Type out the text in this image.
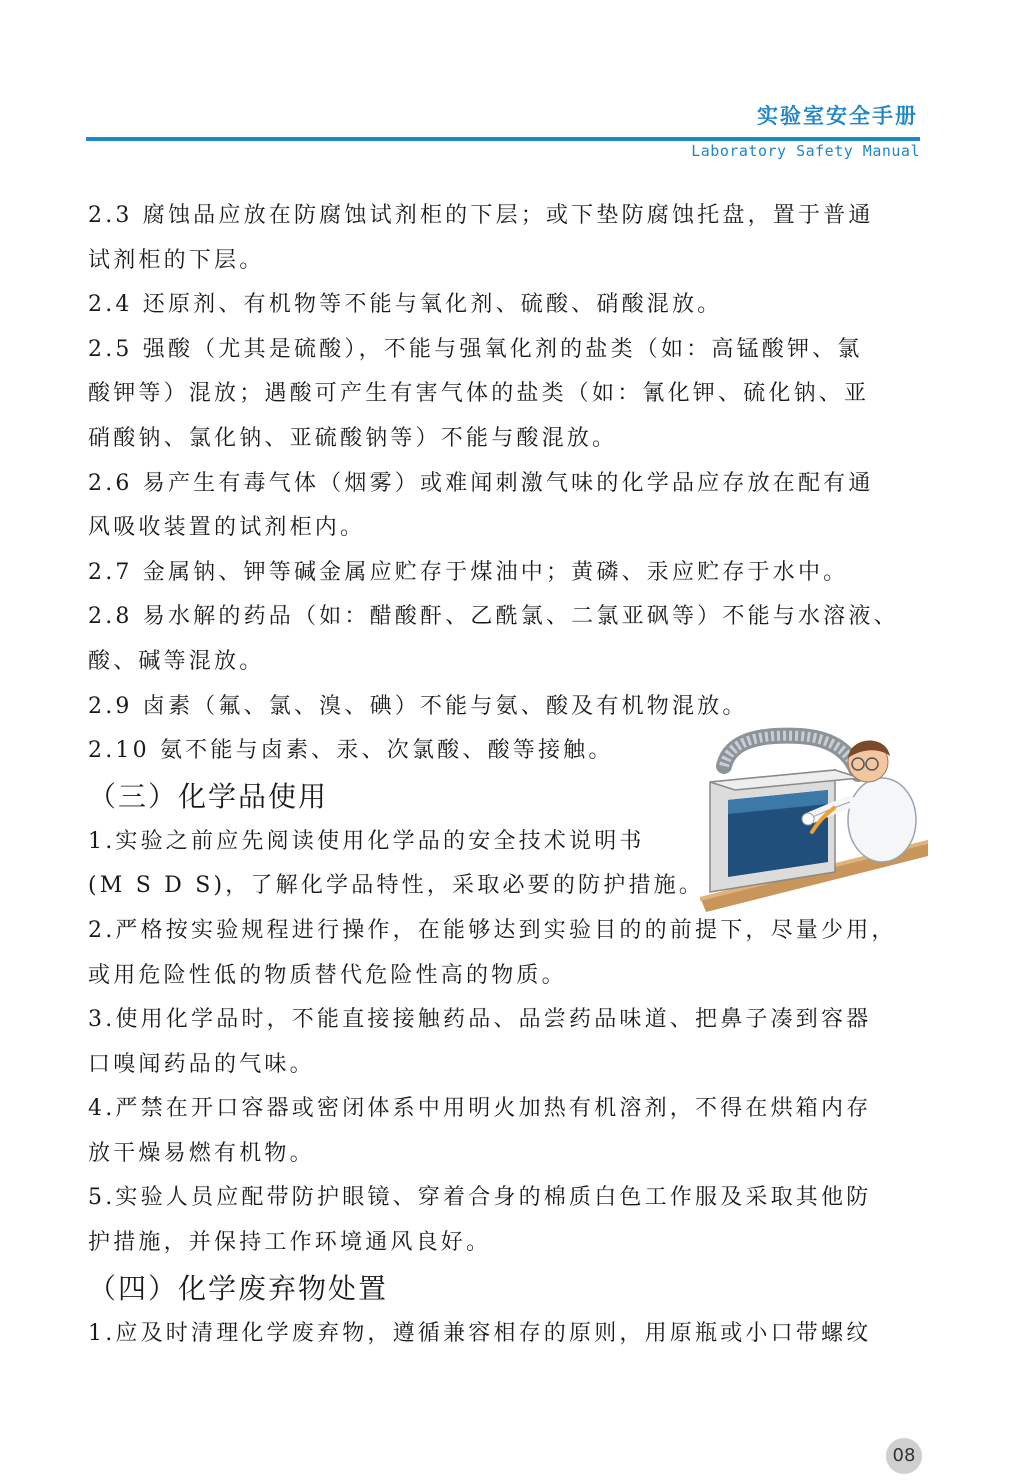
实验室安全手册
Laboratory Safety Manual
2.3 腐蚀品应放在防腐蚀试剂柜的下层；或下垫防腐蚀托盘，置于普通
试剂柜的下层。
2.4 还原剂、有机物等不能与氧化剂、硫酸、硝酸混放。
2.5 强酸（尤其是硫酸），不能与强氧化剂的盐类（如：高锰酸钾、氯
酸钾等）混放；遇酸可产生有害气体的盐类（如：氰化钾、硫化钠、亚
硝酸钠、氯化钠、亚硫酸钠等）不能与酸混放。
2.6 易产生有毒气体（烟雾）或难闻刺激气味的化学品应存放在配有通
风吸收装置的试剂柜内。
2.7 金属钠、钾等碱金属应贮存于煤油中；黄磷、汞应贮存于水中。
2.8 易水解的药品（如：醋酸酐、乙酰氯、二氯亚砜等）不能与水溶液、
酸、碱等混放。
2.9 卤素（氟、氯、溴、碘）不能与氨、酸及有机物混放。
2.10 氨不能与卤素、汞、次氯酸、酸等接触。
（三）化学品使用
1.实验之前应先阅读使用化学品的安全技术说明书
(M S D S)，了解化学品特性，采取必要的防护措施。
2.严格按实验规程进行操作，在能够达到实验目的的前提下，尽量少用，
或用危险性低的物质替代危险性高的物质。
3.使用化学品时，不能直接接触药品、品尝药品味道、把鼻子凑到容器
口嗅闻药品的气味。
4.严禁在开口容器或密闭体系中用明火加热有机溶剂，不得在烘箱内存
放干燥易燃有机物。
5.实验人员应配带防护眼镜、穿着合身的棉质白色工作服及采取其他防
护措施，并保持工作环境通风良好。
（四）化学废弃物处置
1.应及时清理化学废弃物，遵循兼容相存的原则，用原瓶或小口带螺纹
08
